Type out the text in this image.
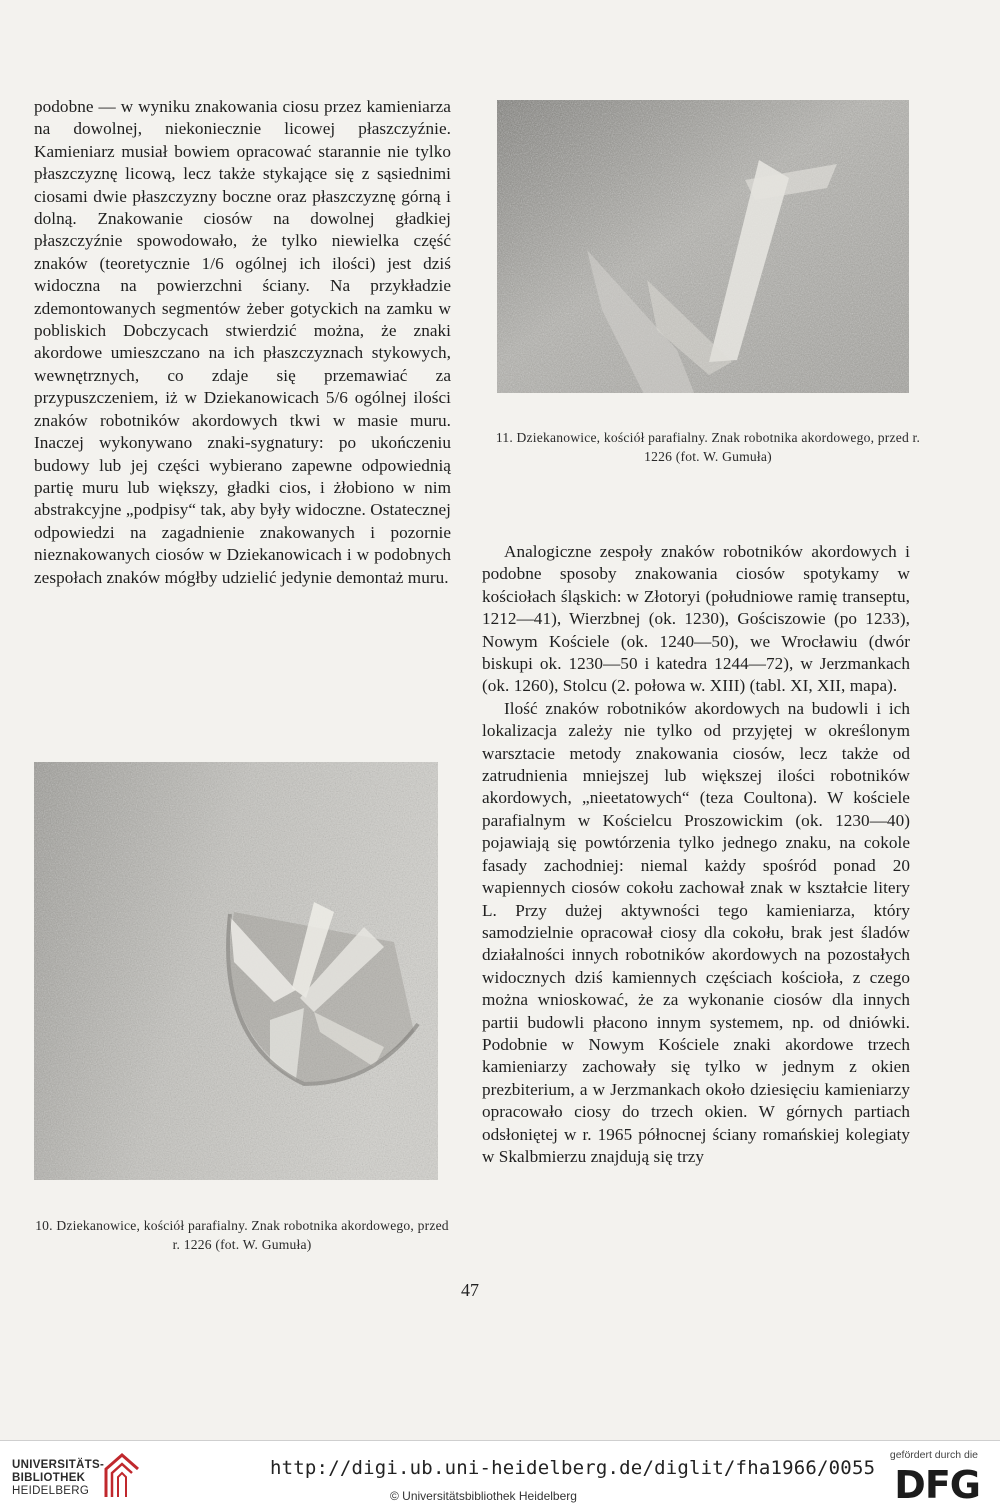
podobne — w wyniku znakowania ciosu przez kamieniarza na dowolnej, niekoniecznie licowej płaszczyźnie. Kamieniarz musiał bowiem opracować starannie nie tylko płaszczyznę licową, lecz także stykające się z sąsiednimi ciosami dwie płaszczyzny boczne oraz płaszczyznę górną i dolną. Znakowanie ciosów na dowolnej gładkiej płaszczyźnie spowodowało, że tylko niewielka część znaków (teoretycznie 1/6 ogólnej ich ilości) jest dziś widoczna na powierzchni ściany. Na przykładzie zdemontowanych segmentów żeber gotyckich na zamku w pobliskich Dobczycach stwierdzić można, że znaki akordowe umieszczano na ich płaszczyznach stykowych, wewnętrznych, co zdaje się przemawiać za przypuszczeniem, iż w Dziekanowicach 5/6 ogólnej ilości znaków robotników akordowych tkwi w masie muru. Inaczej wykonywano znaki-sygnatury: po ukończeniu budowy lub jej części wybierano zapewne odpowiednią partię muru lub większy, gładki cios, i żłobiono w nim abstrakcyjne „podpisy“ tak, aby były widoczne. Ostatecznej odpowiedzi na zagadnienie znakowanych i pozornie nieznakowanych ciosów w Dziekanowicach i w podobnych zespołach znaków mógłby udzielić jedynie demontaż muru.

11. Dziekanowice, kościół parafialny. Znak robotnika akordowego, przed r. 1226 (fot. W. Gumuła)

Analogiczne zespoły znaków robotników akordowych i podobne sposoby znakowania ciosów spotykamy w kościołach śląskich: w Złotoryi (południowe ramię transeptu, 1212—41), Wierzbnej (ok. 1230), Gościszowie (po 1233), Nowym Kościele (ok. 1240—50), we Wrocławiu (dwór biskupi ok. 1230—50 i katedra 1244—72), w Jerzmankach (ok. 1260), Stolcu (2. połowa w. XIII) (tabl. XI, XII, mapa).

Ilość znaków robotników akordowych na budowli i ich lokalizacja zależy nie tylko od przyjętej w określonym warsztacie metody znakowania ciosów, lecz także od zatrudnienia mniejszej lub większej ilości robotników akordowych, „nieetatowych“ (teza Coultona). W kościele parafialnym w Kościelcu Proszowickim (ok. 1230—40) pojawiają się powtórzenia tylko jednego znaku, na cokole fasady zachodniej: niemal każdy spośród ponad 20 wapiennych ciosów cokołu zachował znak w kształcie litery L. Przy dużej aktywności tego kamieniarza, który samodzielnie opracował ciosy dla cokołu, brak jest śladów działalności innych robotników akordowych na pozostałych widocznych dziś kamiennych częściach kościoła, z czego można wnioskować, że za wykonanie ciosów dla innych partii budowli płacono innym systemem, np. od dniówki. Podobnie w Nowym Kościele znaki akordowe trzech kamieniarzy zachowały się tylko w jednym z okien prezbiterium, a w Jerzmankach około dziesięciu kamieniarzy opracowało ciosy do trzech okien. W górnych partiach odsłoniętej w r. 1965 północnej ściany romańskiej kolegiaty w Skalbmierzu znajdują się trzy

10. Dziekanowice, kościół parafialny. Znak robotnika akordowego, przed r. 1226 (fot. W. Gumuła)
47
UNIVERSITÄTS-
BIBLIOTHEK
HEIDELBERG
http://digi.ub.uni-heidelberg.de/diglit/fha1966/0055
© Universitätsbibliothek Heidelberg
gefördert durch die
DFG
